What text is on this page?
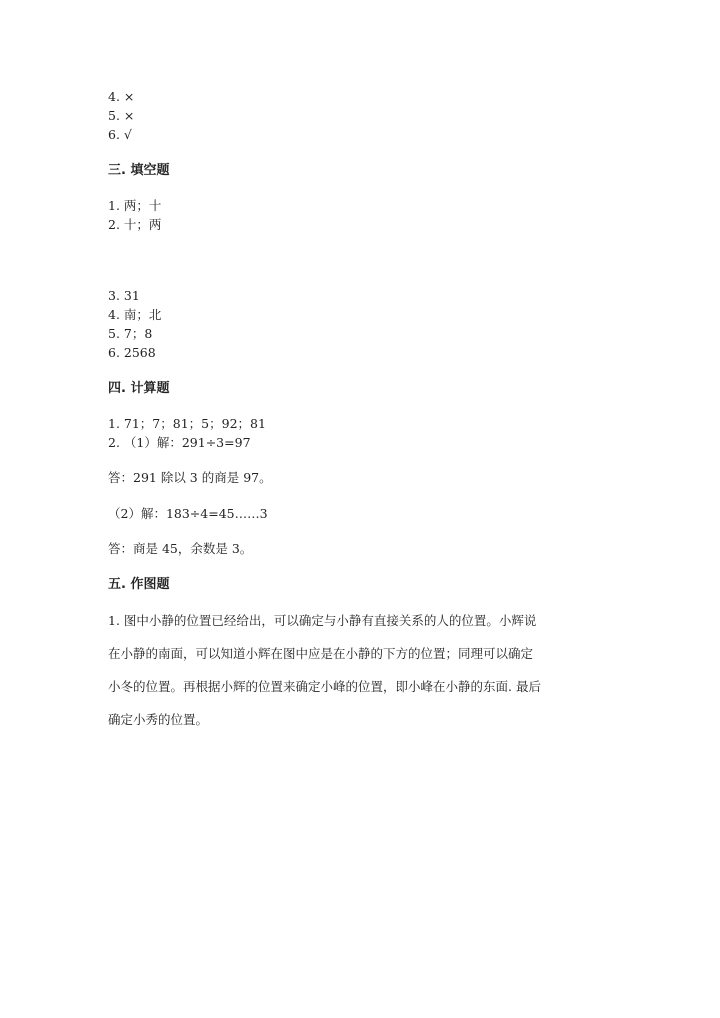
4. ×
5. ×
6. √
三. 填空题
1. 两；十
2. 十；两
3. 31
4. 南；北
5. 7；8
6. 2568
四. 计算题
1. 71；7；81；5；92；81
2. （1）解：291÷3=97
答：291 除以 3 的商是 97。
（2）解：183÷4=45……3
答：商是 45，余数是 3。
五. 作图题
1. 图中小静的位置已经给出，可以确定与小静有直接关系的人的位置。小辉说
在小静的南面，可以知道小辉在图中应是在小静的下方的位置；同理可以确定
小冬的位置。再根据小辉的位置来确定小峰的位置，即小峰在小静的东面. 最后
确定小秀的位置。
